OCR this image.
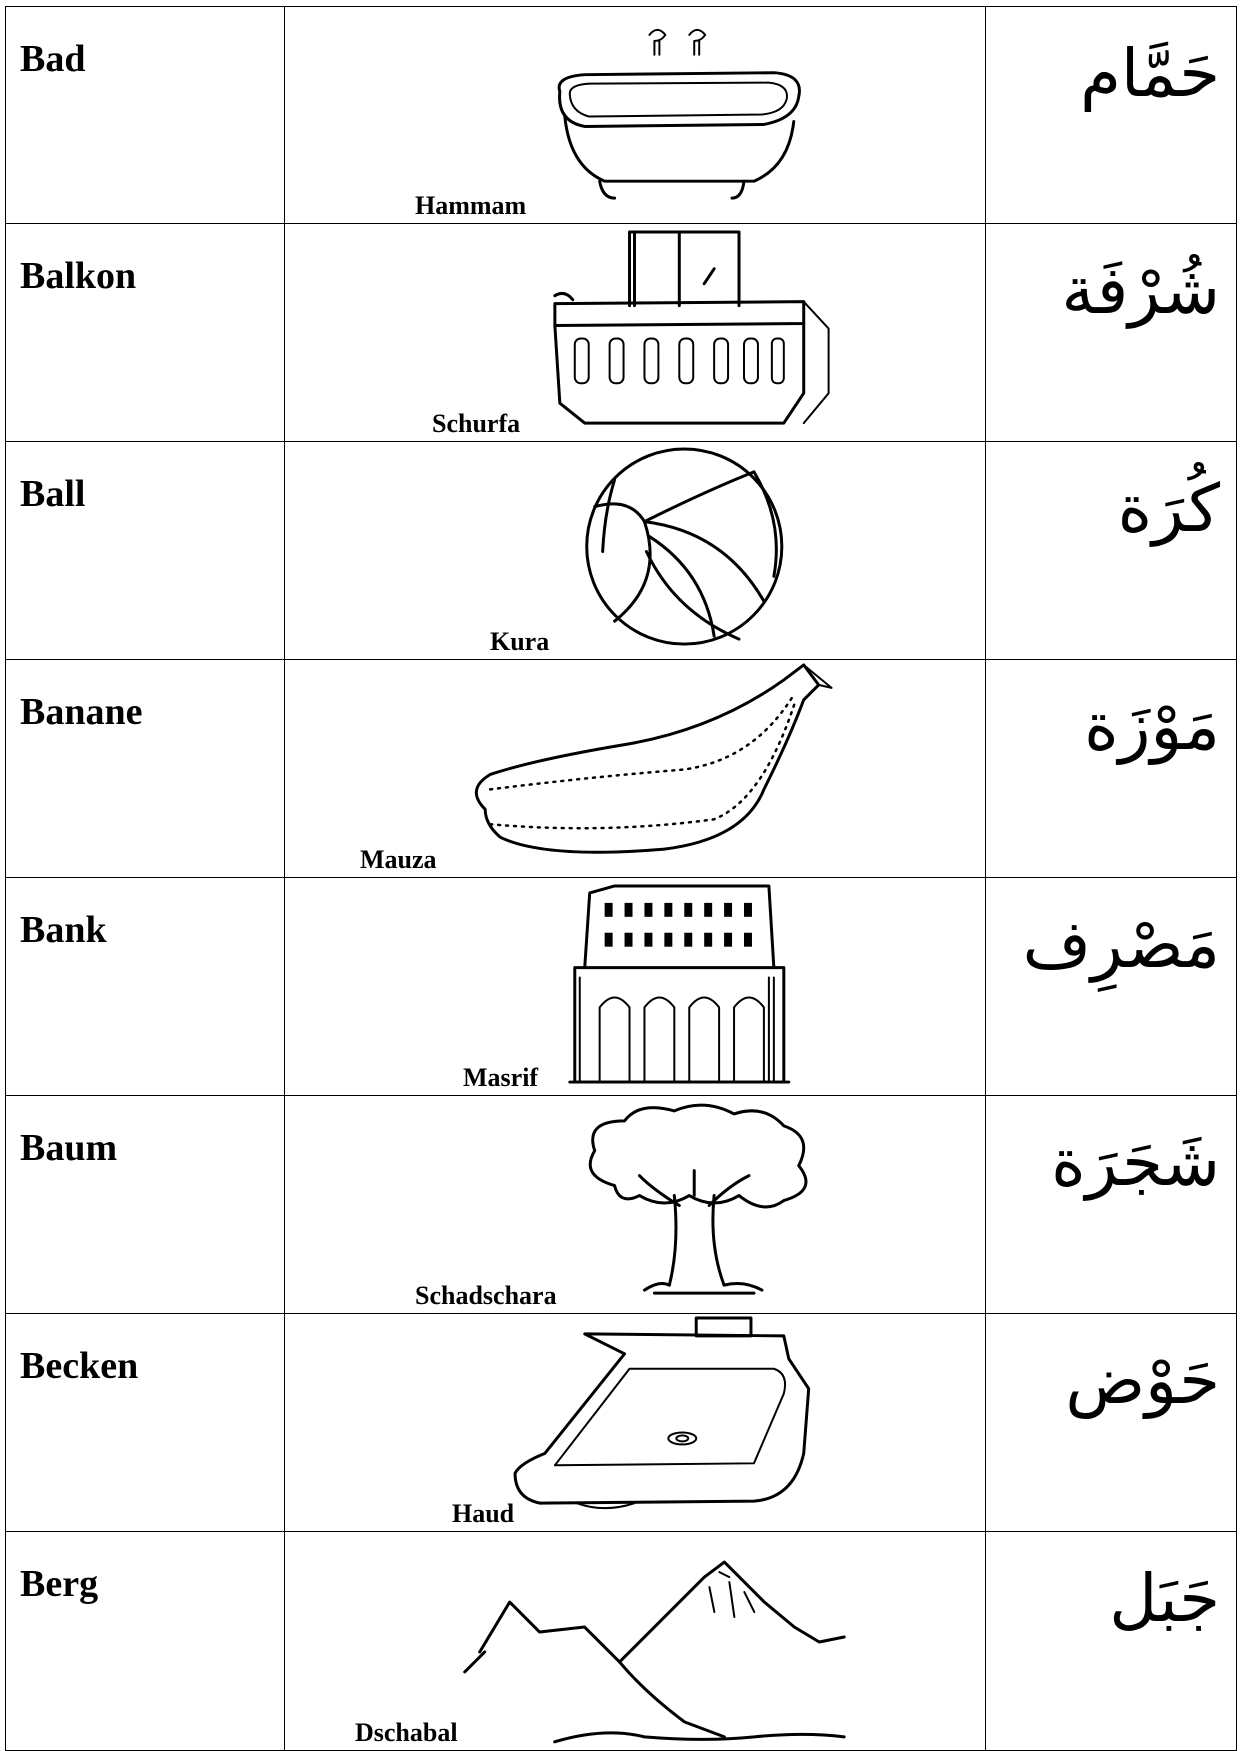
Bad	Hammam	حَمَّام

Balkon	Schurfa	شُرْفَة

Ball	Kura	كُرَة

Banane	Mauza	مَوْزَة

Bank	Masrif	مَصْرِف

Baum	Schadschara	شَجَرَة

Becken	Haud	حَوْض

Berg	Dschabal	جَبَل
